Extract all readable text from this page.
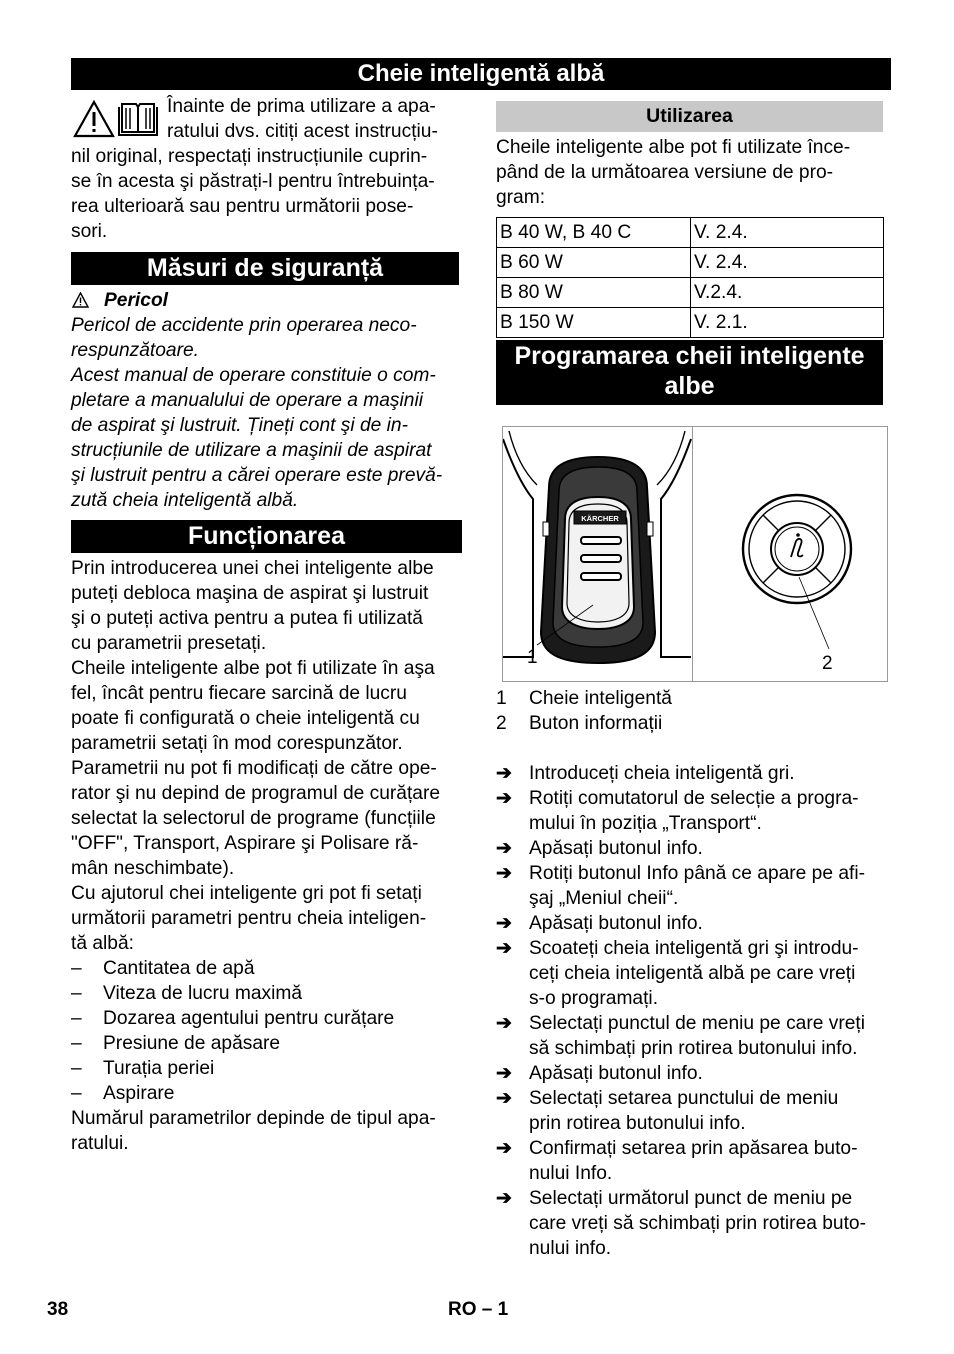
Cheie inteligentă albă
Înainte de prima utilizare a apa-
ratului dvs. citiți acest instrucțiu-
nil original, respectați instrucțiunile cuprin-
se în acesta şi păstrați-l pentru întrebuința-
rea ulterioară sau pentru următorii pose-
sori.
Măsuri de siguranță
Pericol
Pericol de accidente prin operarea neco-
respunzătoare.
Acest manual de operare constituie o com-
pletare a manualului de operare a maşinii
de aspirat şi lustruit. Țineți cont şi de in-
strucțiunile de utilizare a maşinii de aspirat
şi lustruit pentru a cărei operare este prevă-
zută cheia inteligentă albă.
Funcționarea
Prin introducerea unei chei inteligente albe
puteți debloca maşina de aspirat şi lustruit
şi o puteți activa pentru a putea fi utilizată
cu parametrii presetați.
Cheile inteligente albe pot fi utilizate în aşa
fel, încât pentru fiecare sarcină de lucru
poate fi configurată o cheie inteligentă cu
parametrii setați în mod corespunzător.
Parametrii nu pot fi modificați de către ope-
rator şi nu depind de programul de curățare
selectat la selectorul de programe (funcțiile
"OFF", Transport, Aspirare şi Polisare ră-
mân neschimbate).
Cu ajutorul chei inteligente gri pot fi setați
următorii parametri pentru cheia inteligen-
tă albă:
– Cantitatea de apă
– Viteza de lucru maximă
– Dozarea agentului pentru curățare
– Presiune de apăsare
– Turația periei
– Aspirare
Numărul parametrilor depinde de tipul apa-
ratului.
Utilizarea
Cheile inteligente albe pot fi utilizate înce-
pând de la următoarea versiune de pro-
gram:
B 40 W, B 40 C	V. 2.4.
B 60 W	V. 2.4.
B 80 W	V.2.4.
B 150 W	V. 2.1.
Programarea cheii inteligente
albe
KÄRCHER
1	2
1 Cheie inteligentă
2 Buton informații
➔ Introduceți cheia inteligentă gri.
➔ Rotiți comutatorul de selecție a progra-
mului în poziția „Transport“.
➔ Apăsați butonul info.
➔ Rotiți butonul Info până ce apare pe afi-
şaj „Meniul cheii“.
➔ Apăsați butonul info.
➔ Scoateți cheia inteligentă gri şi introdu-
ceți cheia inteligentă albă pe care vreți
s-o programați.
➔ Selectați punctul de meniu pe care vreți
să schimbați prin rotirea butonului info.
➔ Apăsați butonul info.
➔ Selectați setarea punctului de meniu
prin rotirea butonului info.
➔ Confirmați setarea prin apăsarea buto-
nului Info.
➔ Selectați următorul punct de meniu pe
care vreți să schimbați prin rotirea buto-
nului info.
38	RO – 1
